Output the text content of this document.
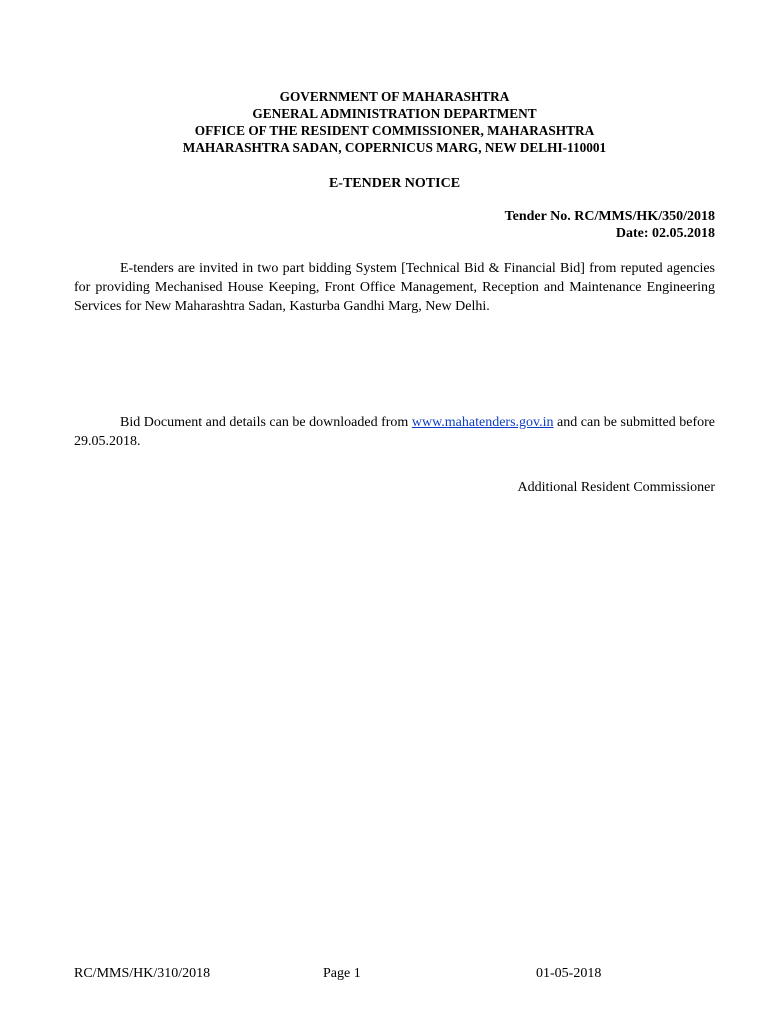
GOVERNMENT OF MAHARASHTRA
GENERAL ADMINISTRATION DEPARTMENT
OFFICE OF THE RESIDENT COMMISSIONER, MAHARASHTRA
MAHARASHTRA SADAN, COPERNICUS MARG, NEW DELHI-110001
E-TENDER NOTICE
Tender No. RC/MMS/HK/350/2018
Date: 02.05.2018

E-tenders are invited in two part bidding System [Technical Bid & Financial Bid] from reputed agencies for providing Mechanised House Keeping, Front Office Management, Reception and Maintenance Engineering Services for New Maharashtra Sadan, Kasturba Gandhi Marg, New Delhi.

Bid Document and details can be downloaded from www.mahatenders.gov.in and can be submitted before 29.05.2018.

Additional Resident Commissioner
RC/MMS/HK/310/2018	Page 1	01-05-2018
